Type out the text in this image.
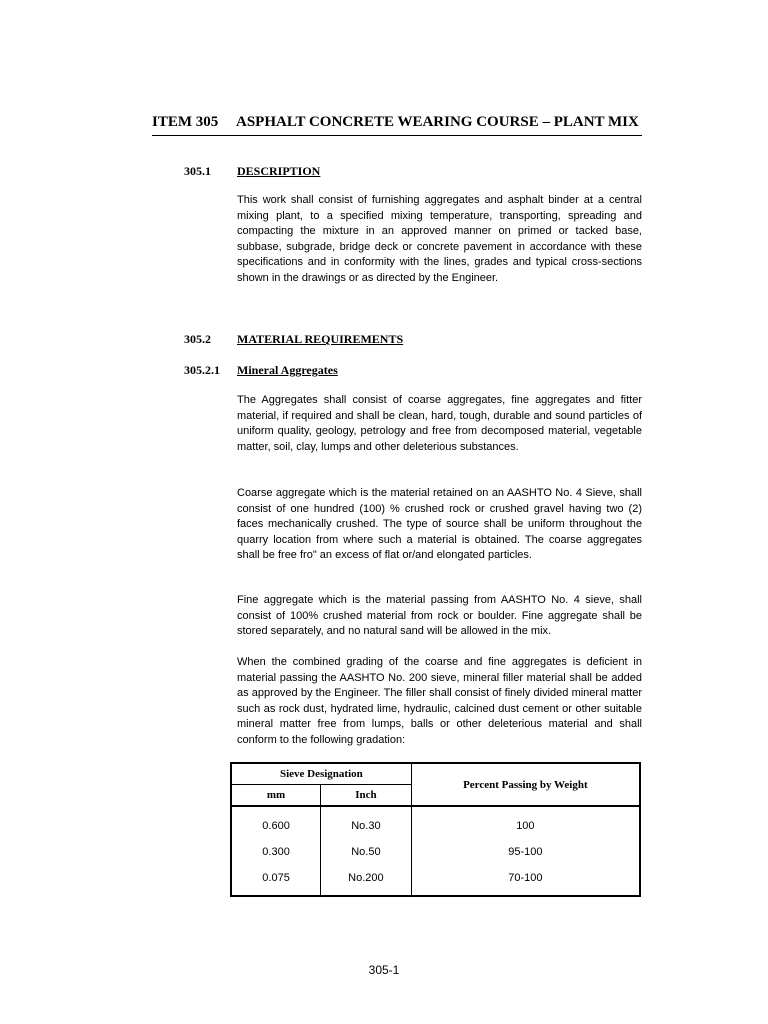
ITEM 305 ASPHALT CONCRETE WEARING COURSE – PLANT MIX
305.1 DESCRIPTION

This work shall consist of furnishing aggregates and asphalt binder at a central mixing plant, to a specified mixing temperature, transporting, spreading and compacting the mixture in an approved manner on primed or tacked base, subbase, subgrade, bridge deck or concrete pavement in accordance with these specifications and in conformity with the lines, grades and typical cross-sections shown in the drawings or as directed by the Engineer.

305.2 MATERIAL REQUIREMENTS
305.2.1 Mineral Aggregates

The Aggregates shall consist of coarse aggregates, fine aggregates and fitter material, if required and shall be clean, hard, tough, durable and sound particles of uniform quality, geology, petrology and free from decomposed material, vegetable matter, soil, clay, lumps and other deleterious substances.

Coarse aggregate which is the material retained on an AASHTO No. 4 Sieve, shall consist of one hundred (100) % crushed rock or crushed gravel having two (2) faces mechanically crushed. The type of source shall be uniform throughout the quarry location from where such a material is obtained. The coarse aggregates shall be free fro" an excess of flat or/and elongated particles.

Fine aggregate which is the material passing from AASHTO No. 4 sieve, shall consist of 100% crushed material from rock or boulder. Fine aggregate shall be stored separately, and no natural sand will be allowed in the mix.

When the combined grading of the coarse and fine aggregates is deficient in material passing the AASHTO No. 200 sieve, mineral filler material shall be added as approved by the Engineer. The filler shall consist of finely divided mineral matter such as rock dust, hydrated lime, hydraulic, calcined dust cement or other suitable mineral matter free from lumps, balls or other deleterious material and shall conform to the following gradation:

Sieve Designation		Percent Passing by Weight
mm	Inch	
0.600	No.30	100
0.300	No.50	95-100
0.075	No.200	70-100
305-1
